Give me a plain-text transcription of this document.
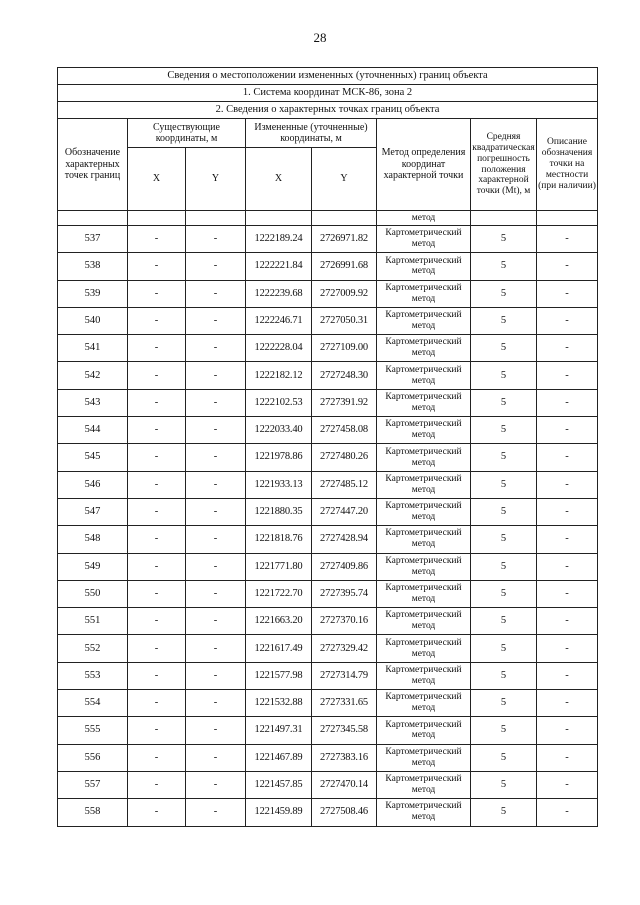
28
Сведения о местоположении измененных (уточненных) границ объекта							
1. Система координат МСК-86, зона 2							
2. Сведения о характерных точках границ объекта							
Обозначение характерных точек границ	Существующие координаты, м		Измененные (уточненные) координаты, м		Метод определения координат характерной точки	Средняя квадратическая погрешность положения характерной точки (Mt), м	Описание обозначения точки на местности (при наличии)
	X	Y	X	Y			
					метод		
537	-	-	1222189.24	2726971.82	Картометрический метод	5	-
538	-	-	1222221.84	2726991.68	Картометрический метод	5	-
539	-	-	1222239.68	2727009.92	Картометрический метод	5	-
540	-	-	1222246.71	2727050.31	Картометрический метод	5	-
541	-	-	1222228.04	2727109.00	Картометрический метод	5	-
542	-	-	1222182.12	2727248.30	Картометрический метод	5	-
543	-	-	1222102.53	2727391.92	Картометрический метод	5	-
544	-	-	1222033.40	2727458.08	Картометрический метод	5	-
545	-	-	1221978.86	2727480.26	Картометрический метод	5	-
546	-	-	1221933.13	2727485.12	Картометрический метод	5	-
547	-	-	1221880.35	2727447.20	Картометрический метод	5	-
548	-	-	1221818.76	2727428.94	Картометрический метод	5	-
549	-	-	1221771.80	2727409.86	Картометрический метод	5	-
550	-	-	1221722.70	2727395.74	Картометрический метод	5	-
551	-	-	1221663.20	2727370.16	Картометрический метод	5	-
552	-	-	1221617.49	2727329.42	Картометрический метод	5	-
553	-	-	1221577.98	2727314.79	Картометрический метод	5	-
554	-	-	1221532.88	2727331.65	Картометрический метод	5	-
555	-	-	1221497.31	2727345.58	Картометрический метод	5	-
556	-	-	1221467.89	2727383.16	Картометрический метод	5	-
557	-	-	1221457.85	2727470.14	Картометрический метод	5	-
558	-	-	1221459.89	2727508.46	Картометрический метод	5	-
